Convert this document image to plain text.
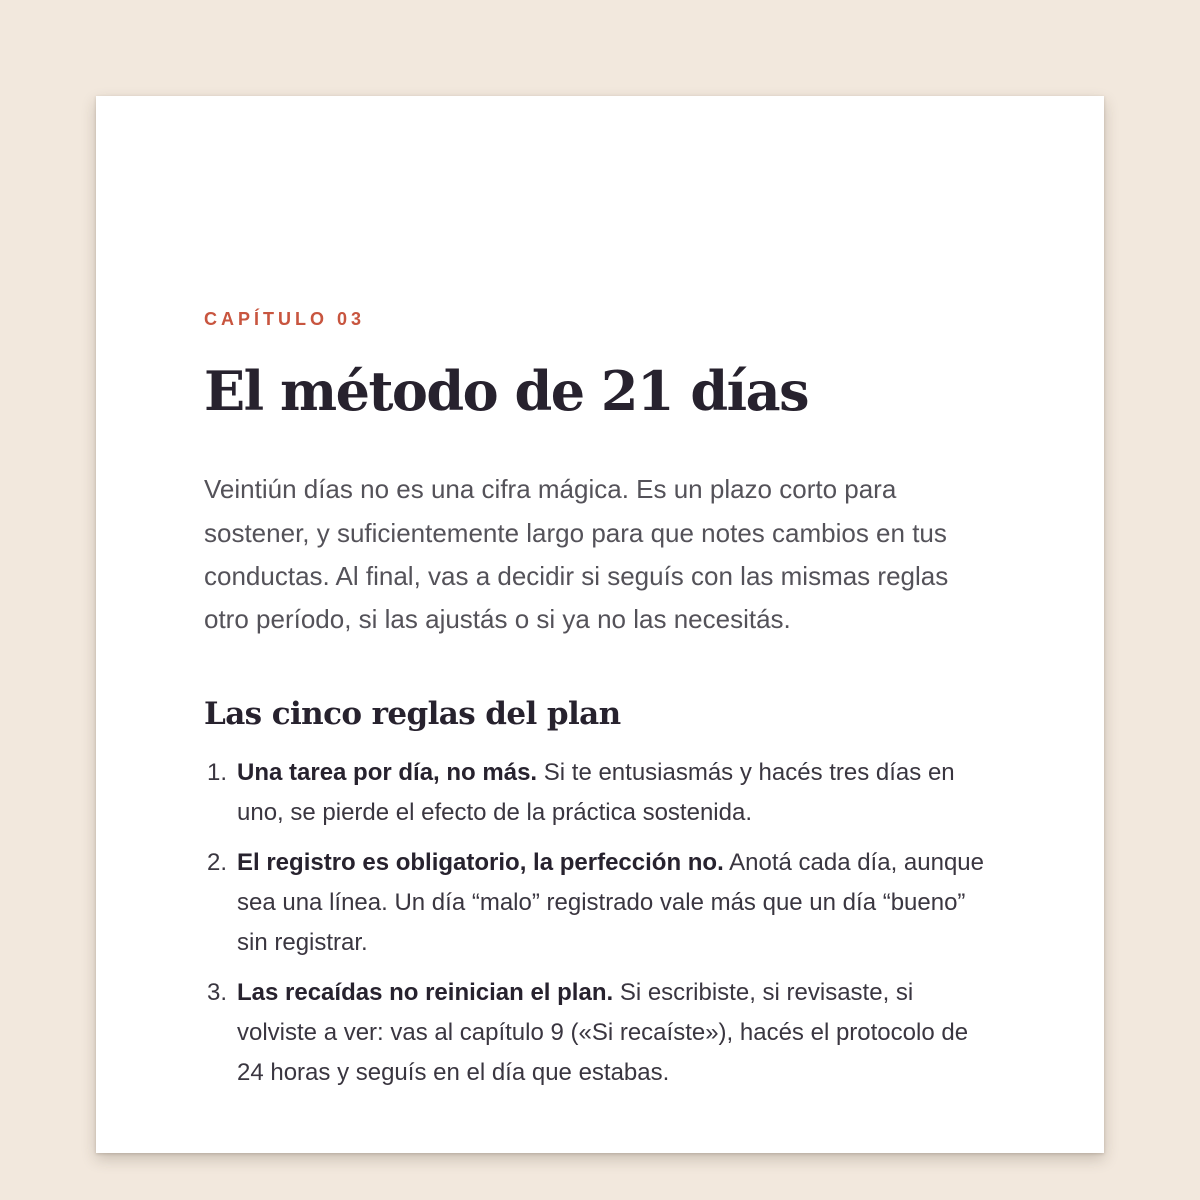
CAPÍTULO 03

El método de 21 días

Veintiún días no es una cifra mágica. Es un plazo corto para sostener, y suficientemente largo para que notes cambios en tus conductas. Al final, vas a decidir si seguís con las mismas reglas otro período, si las ajustás o si ya no las necesitás.

Las cinco reglas del plan
1. Una tarea por día, no más. Si te entusiasmás y hacés tres días en uno, se pierde el efecto de la práctica sostenida.
2. El registro es obligatorio, la perfección no. Anotá cada día, aunque sea una línea. Un día “malo” registrado vale más que un día “bueno” sin registrar.
3. Las recaídas no reinician el plan. Si escribiste, si revisaste, si volviste a ver: vas al capítulo 9 («Si recaíste»), hacés el protocolo de 24 horas y seguís en el día que estabas.
